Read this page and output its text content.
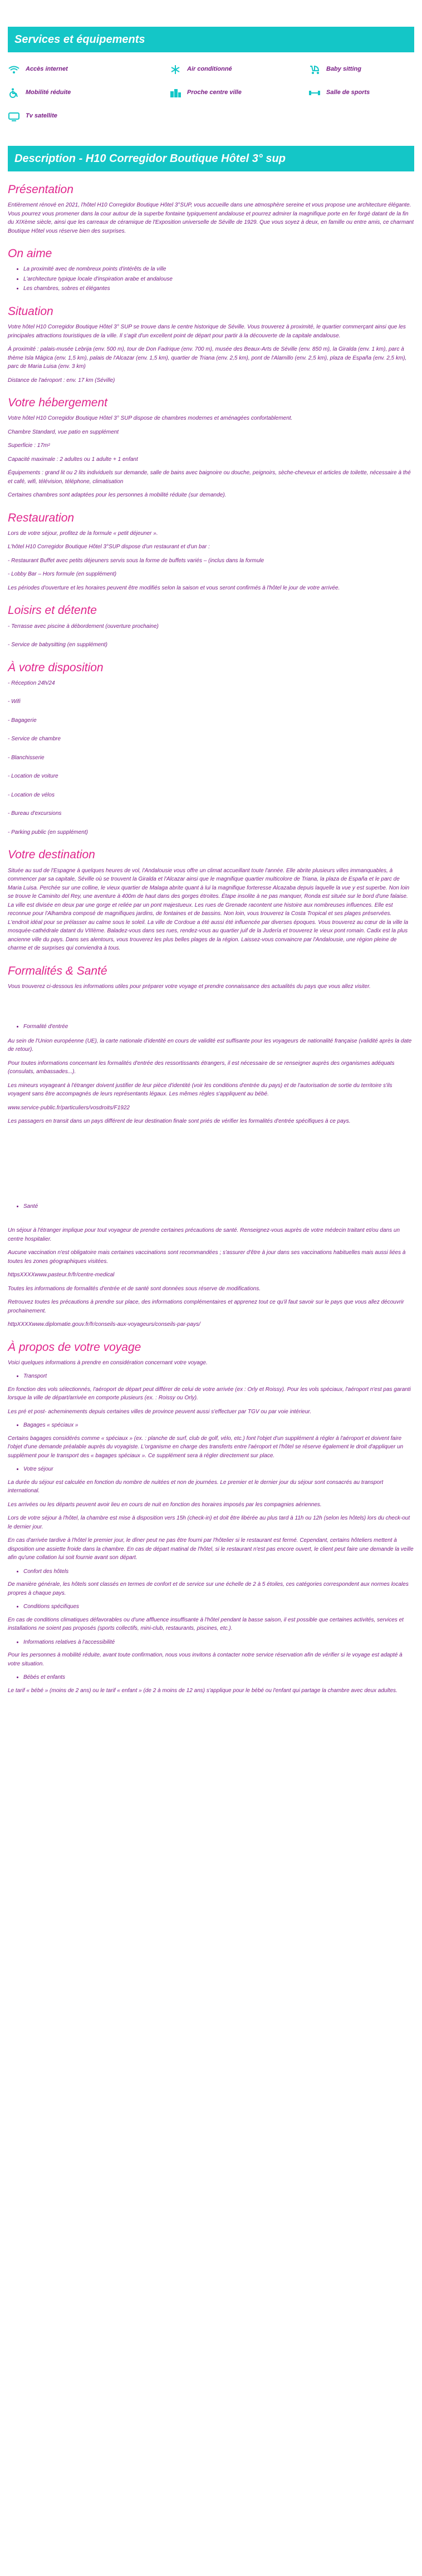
Services et équipements
Accès internet	Air conditionné	Baby sitting
Mobilité réduite	Proche centre ville	Salle de sports
Tv satellite
Description - H10 Corregidor Boutique Hôtel 3° sup
Présentation

Entièrement rénové en 2021, l'hôtel H10 Corregidor Boutique Hôtel 3°SUP, vous accueille dans une atmosphère sereine et vous propose une architecture élégante. Vous pourrez vous promener dans la cour autour de la superbe fontaine typiquement andalouse et pourrez admirer la magnifique porte en fer forgé datant de la fin du XIXème siècle, ainsi que les carreaux de céramique de l'Exposition universelle de Séville de 1929. Que vous soyez à deux, en famille ou entre amis, ce charmant Boutique Hôtel vous réserve bien des surprises.

On aime
• La proximité avec de nombreux points d'intérêts de la ville
• L'architecture typique locale d'inspiration arabe et andalouse
• Les chambres, sobres et élégantes
Situation

Votre hôtel H10 Corregidor Boutique Hôtel 3° SUP se trouve dans le centre historique de Séville. Vous trouverez à proximité, le quartier commerçant ainsi que les principales attractions touristiques de la ville. Il s'agit d'un excellent point de départ pour partir à la découverte de la capitale andalouse.

À proximité : palais-musée Lebrija (env. 500 m), tour de Don Fadrique (env. 700 m), musée des Beaux-Arts de Séville (env. 850 m), la Giralda (env. 1 km), parc à thème Isla Mágica (env. 1,5 km), palais de l'Alcazar (env. 1,5 km), quartier de Triana (env. 2,5 km), pont de l'Alamillo (env. 2,5 km), plaza de España (env. 2,5 km), parc de Maria Luisa (env. 3 km)

Distance de l'aéroport : env. 17 km (Séville)

Votre hébergement

Votre hôtel H10 Corregidor Boutique Hôtel 3° SUP dispose de chambres modernes et aménagées confortablement.

Chambre Standard, vue patio en supplément

Superficie : 17m²

Capacité maximale : 2 adultes ou 1 adulte + 1 enfant

Équipements : grand lit ou 2 lits individuels sur demande, salle de bains avec baignoire ou douche, peignoirs, sèche-cheveux et articles de toilette, nécessaire à thé et café, wifi, télévision, téléphone, climatisation

Certaines chambres sont adaptées pour les personnes à mobilité réduite (sur demande).

Restauration

Lors de votre séjour, profitez de la formule « petit déjeuner ».

L'hôtel H10 Corregidor Boutique Hôtel 3°SUP dispose d'un restaurant et d'un bar :

- Restaurant Buffet avec petits déjeuners servis sous la forme de buffets variés – (inclus dans la formule

- Lobby Bar – Hors formule (en supplément)

Les périodes d'ouverture et les horaires peuvent être modifiés selon la saison et vous seront confirmés à l'hôtel le jour de votre arrivée.

Loisirs et détente

- Terrasse avec piscine à débordement (ouverture prochaine)

- Service de babysitting (en supplément)

À votre disposition

- Réception 24h/24

- Wifi

- Bagagerie

- Service de chambre

- Blanchisserie

- Location de voiture

- Location de vélos

- Bureau d'excursions

- Parking public (en supplément)

Votre destination

Située au sud de l'Espagne à quelques heures de vol, l'Andalousie vous offre un climat accueillant toute l'année. Elle abrite plusieurs villes immanquables, à commencer par sa capitale, Séville où se trouvent la Giralda et l'Alcazar ainsi que le magnifique quartier multicolore de Triana, la plaza de España et le parc de Maria Luisa. Perchée sur une colline, le vieux quartier de Malaga abrite quant à lui la magnifique forteresse Alcazaba depuis laquelle la vue y est superbe. Non loin se trouve le Caminito del Rey, une aventure à 400m de haut dans des gorges étroites. Étape insolite à ne pas manquer, Ronda est située sur le bord d'une falaise. La ville est divisée en deux par une gorge et reliée par un pont majestueux. Les rues de Grenade racontent une histoire aux nombreuses influences. Elle est reconnue pour l'Alhambra composé de magnifiques jardins, de fontaines et de bassins. Non loin, vous trouverez la Costa Tropical et ses plages préservées. L'endroit idéal pour se prélasser au calme sous le soleil. La ville de Cordoue a été aussi été influencée par diverses époques. Vous trouverez au cœur de la ville la mosquée-cathédrale datant du VIIIème. Baladez-vous dans ses rues, rendez-vous au quartier juif de la Judería et trouverez le vieux pont romain. Cadix est la plus ancienne ville du pays. Dans ses alentours, vous trouverez les plus belles plages de la région. Laissez-vous convaincre par l'Andalousie, une région pleine de charme et de surprises qui conviendra à tous.

Formalités & Santé

Vous trouverez ci-dessous les informations utiles pour préparer votre voyage et prendre connaissance des actualités du pays que vous allez visiter.

• Formalité d'entrée

Au sein de l'Union européenne (UE), la carte nationale d'identité en cours de validité est suffisante pour les voyageurs de nationalité française (validité après la date de retour).

Pour toutes informations concernant les formalités d'entrée des ressortissants étrangers, il est nécessaire de se renseigner auprès des organismes adéquats (consulats, ambassades...).

Les mineurs voyageant à l'étranger doivent justifier de leur pièce d'identité (voir les conditions d'entrée du pays) et de l'autorisation de sortie du territoire s'ils voyagent sans être accompagnés de leurs représentants légaux. Les mêmes règles s'appliquent au bébé.

www.service-public.fr/particuliers/vosdroits/F1922

Les passagers en transit dans un pays différent de leur destination finale sont priés de vérifier les formalités d'entrée spécifiques à ce pays.

• Santé

Un séjour à l'étranger implique pour tout voyageur de prendre certaines précautions de santé. Renseignez-vous auprès de votre médecin traitant et/ou dans un centre hospitalier.

Aucune vaccination n'est obligatoire mais certaines vaccinations sont recommandées ; s'assurer d'être à jour dans ses vaccinations habituelles mais aussi liées à toutes les zones géographiques visitées.

httpsXXXXwww.pasteur.fr/fr/centre-medical

Toutes les informations de formalités d'entrée et de santé sont données sous réserve de modifications.

Retrouvez toutes les précautions à prendre sur place, des informations complémentaires et apprenez tout ce qu'il faut savoir sur le pays que vous allez découvrir prochainement.

httpXXXXwww.diplomatie.gouv.fr/fr/conseils-aux-voyageurs/conseils-par-pays/

À propos de votre voyage

Voici quelques informations à prendre en considération concernant votre voyage.

• Transport

En fonction des vols sélectionnés, l'aéroport de départ peut différer de celui de votre arrivée (ex : Orly et Roissy). Pour les vols spéciaux, l'aéroport n'est pas garanti lorsque la ville de départ/arrivée en comporte plusieurs (ex. : Roissy ou Orly).

Les pré et post- acheminements depuis certaines villes de province peuvent aussi s'effectuer par TGV ou par voie intérieur.

• Bagages « spéciaux »

Certains bagages considérés comme « spéciaux » (ex. : planche de surf, club de golf, vélo, etc.) font l'objet d'un supplément à régler à l'aéroport et doivent faire l'objet d'une demande préalable auprès du voyagiste. L'organisme en charge des transferts entre l'aéroport et l'hôtel se réserve également le droit d'appliquer un supplément pour le transport des « bagages spéciaux ». Ce supplément sera à régler directement sur place.

• Votre séjour

La durée du séjour est calculée en fonction du nombre de nuitées et non de journées. Le premier et le dernier jour du séjour sont consacrés au transport international.

Les arrivées ou les départs peuvent avoir lieu en cours de nuit en fonction des horaires imposés par les compagnies aériennes.

Lors de votre séjour à l'hôtel, la chambre est mise à disposition vers 15h (check-in) et doit être libérée au plus tard à 11h ou 12h (selon les hôtels) lors du check-out le dernier jour.

En cas d'arrivée tardive à l'hôtel le premier jour, le dîner peut ne pas être fourni par l'hôtelier si le restaurant est fermé. Cependant, certains hôteliers mettent à disposition une assiette froide dans la chambre. En cas de départ matinal de l'hôtel, si le restaurant n'est pas encore ouvert, le client peut faire une demande la veille afin qu'une collation lui soit fournie avant son départ.

• Confort des hôtels

De manière générale, les hôtels sont classés en termes de confort et de service sur une échelle de 2 à 5 étoiles, ces catégories correspondent aux normes locales propres à chaque pays.

• Conditions spécifiques

En cas de conditions climatiques défavorables ou d'une affluence insuffisante à l'hôtel pendant la basse saison, il est possible que certaines activités, services et installations ne soient pas proposés (sports collectifs, mini-club, restaurants, piscines, etc.).

• Informations relatives à l'accessibilité

Pour les personnes à mobilité réduite, avant toute confirmation, nous vous invitons à contacter notre service réservation afin de vérifier si le voyage est adapté à votre situation.

• Bébés et enfants

Le tarif « bébé » (moins de 2 ans) ou le tarif « enfant » (de 2 à moins de 12 ans) s'applique pour le bébé ou l'enfant qui partage la chambre avec deux adultes.
